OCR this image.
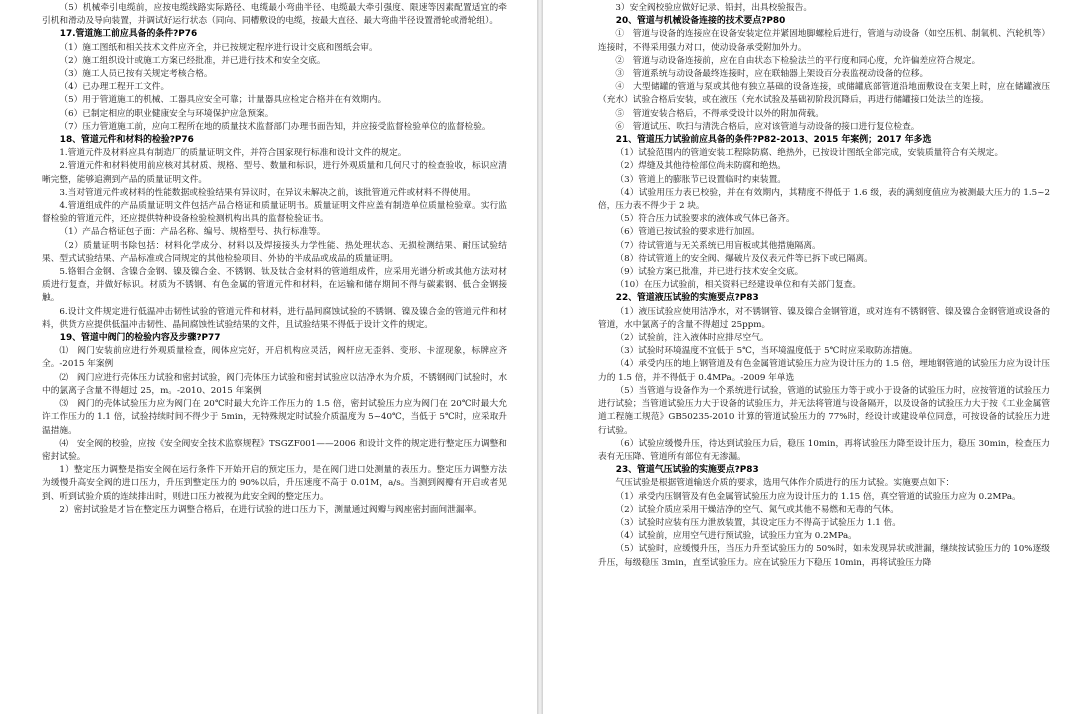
（5）机械牵引电缆前，应按电缆线路实际路径、电缆最小弯曲半径、电缆最大牵引强度、限速等因素配置适宜的牵引机和滑动及导向装置，并调试好运行状态（同向、同槽敷设的电缆，按最大直径、最大弯曲半径设置滑轮或滑轮组）。

17.管道施工前应具备的条件?P76

（1）施工图纸和相关技术文件应齐全，并已按规定程序进行设计交底和图纸会审。

（2）施工组织设计或施工方案已经批准，并已进行技术和安全交底。

（3）施工人员已按有关规定考核合格。

（4）已办理工程开工文件。

（5）用于管道施工的机械、工器具应安全可靠；计量器具应检定合格并在有效期内。

（6）已制定相应的职业健康安全与环境保护应急预案。

（7）压力管道施工前，应向工程所在地的质量技术监督部门办理书面告知，并应接受监督检验单位的监督检验。

18、管道元件和材料的检验?P76

1.管道元件及材料应具有制造厂的质量证明文件，并符合国家现行标准和设计文件的规定。

2.管道元件和材料使用前应核对其材质、规格、型号、数量和标识，进行外观质量和几何尺寸的检查验收，标识应清晰完整，能够追溯到产品的质量证明文件。

3.当对管道元件或材料的性能数据或检验结果有异议时，在异议未解决之前，该批管道元件或材料不得使用。

4.管道组成件的产品质量证明文件包括产品合格证和质量证明书。质量证明文件应盖有制造单位质量检验章。实行监督检验的管道元件，还应提供特种设备检验检测机构出具的监督检验证书。

（1）产品合格证包子面：产品名称、编号、规格型号、执行标准等。

（2）质量证明书除包括：材料化学成分、材料以及焊接接头力学性能、热处理状态、无损检测结果、耐压试验结果、型式试验结果、产品标准或合同规定的其他检验项目、外协的半成品或成品的质量证明。

5.铬钼合金钢、含镍合金钢、镍及镍合金、不锈钢、钛及钛合金材料的管道组成件，应采用光谱分析或其他方法对材质进行复查，并做好标识。材质为不锈钢、有色金属的管道元件和材料，在运输和储存期间不得与碳素钢、低合金钢接触。

6.设计文件规定进行低温冲击韧性试验的管道元件和材料，进行晶间腐蚀试验的不锈钢、镍及镍合金的管道元件和材料，供货方应提供低温冲击韧性、晶间腐蚀性试验结果的文件，且试验结果不得低于设计文件的规定。

19、管道中阀门的检验内容及步骤?P77

⑴　阀门安装前应进行外观质量检查，阀体应完好，开启机构应灵活，阀杆应无歪斜、变形、卡涩现象，标牌应齐全。-2015 年案例

⑵　阀门应进行壳体压力试验和密封试验，阀门壳体压力试验和密封试验应以洁净水为介质，不锈钢阀门试验时，水中的氯离子含量不得超过 25，m。-2010、2015 年案例

⑶　阀门的壳体试验压力应为阀门在 20℃时最大允许工作压力的 1.5 倍，密封试验压力应为阀门在 20℃时最大允许工作压力的 1.1 倍，试验持续时间不得少于 5min，无特殊规定时试验介质温度为 5~40℃，当低于 5℃时，应采取升温措施。

⑷　安全阀的校验，应按《安全阀安全技术监察规程》TSGZF001——2006 和设计文件的规定进行整定压力调整和密封试验。

1）整定压力调整是指安全阀在运行条件下开始开启的预定压力，是在阀门进口处测量的表压力。整定压力调整方法为缓慢升高安全阀的进口压力，升压到整定压力的 90%以后，升压速度不高于 0.01M，a/s。当测到阀瓣有开启或者见到、听到试验介质的连续排出时，则进口压力被视为此安全阀的整定压力。

2）密封试验是才旨在整定压力调整合格后，在进行试验的进口压力下，测量通过阀瓣与阀座密封面间泄漏率。

3）安全阀校验应做好记录、铅封，出具校验报告。

20、管道与机械设备连接的技术要点?P80

①　管道与设备的连接应在设备安装定位并紧固地脚螺栓后进行，管道与动设备（如空压机、制氧机、汽轮机等）连接时，不得采用强力对口，使动设备承受附加外力。

②　管道与动设备连接前，应在自由状态下检验法兰的平行度和同心度，允许偏差应符合规定。

③　管道系统与动设备最终连接时，应在联轴器上架设百分表监视动设备的位移。

④　大型储罐的管道与泵或其他有独立基础的设备连接，或储罐底部管道沿地面敷设在支架上时，应在储罐液压（充水）试验合格后安装，或在液压（充水试验及基础初阶段沉降后，再进行储罐接口处法兰的连接。

⑤　管道安装合格后，不得承受设计以外的附加荷载。

⑥　管道试压、吹扫与清洗合格后，应对该管道与动设备的接口进行复位检查。

21、管道压力试验前应具备的条件?P82-2013、2015 年案例；2017 年多选

（1）试验范围内的管道安装工程除防腐、绝热外，已按设计图纸全部完成，安装质量符合有关规定。

（2）焊缝及其他待检部位尚未防腐和绝热。

（3）管道上的膨胀节已设置临时约束装置。

（4）试验用压力表已校验，并在有效期内，其精度不得低于 1.6 级，表的满刻度值应为被测最大压力的 1.5~2 倍，压力表不得少于 2 块。

（5）符合压力试验要求的液体或气体已备齐。

（6）管道已按试验的要求进行加固。

（7）待试管道与无关系统已用盲板或其他措施隔离。

（8）待试管道上的安全阀、爆破片及仪表元件等已拆下或已隔离。

（9）试验方案已批准，并已进行技术安全交底。

（10）在压力试验前，相关资料已经建设单位和有关部门复查。

22、管道液压试验的实施要点?P83

（1）液压试验应使用洁净水，对不锈钢管、镍及镍合金钢管道，或对连有不锈钢管、镍及镍合金钢管道或设备的管道，水中氯离子的含量不得超过 25ppm。

（2）试验前，注入液体时应排尽空气。

（3）试验时环境温度不宜低于 5℃，当环境温度低于 5℃时应采取防冻措施。

（4）承受内压的地上钢管道及有色金属管道试验压力应为设计压力的 1.5 倍，埋地钢管道的试验压力应为设计压力的 1.5 倍，并不得低于 0.4MPa。-2009 年单选

（5）当管道与设备作为一个系统进行试验，管道的试验压力等于或小于设备的试验压力时，应按管道的试验压力进行试验；当管道试验压力大于设备的试验压力，并无法将管道与设备隔开，以及设备的试验压力大于按《工业金属管道工程施工规范》GB50235-2010 计算的管道试验压力的 77%时，经设计或建设单位同意，可按设备的试验压力进行试验。

（6）试验应缓慢升压，待达到试验压力后，稳压 10min，再将试验压力降至设计压力，稳压 30min，检查压力表有无压降、管道所有部位有无渗漏。

23、管道气压试验的实施要点?P83

气压试验是根据管道输送介质的要求，选用气体作介质进行的压力试验。实施要点如下：

（1）承受内压钢管及有色金属管试验压力应为设计压力的 1.15 倍，真空管道的试验压力应为 0.2MPa。

（2）试验介质应采用干燥洁净的空气、氮气或其他不易燃和无毒的气体。

（3）试验时应装有压力泄放装置，其设定压力不得高于试验压力 1.1 倍。

（4）试验前，应用空气进行预试验，试验压力宜为 0.2MPa。

（5）试验时，应缓慢升压，当压力升至试验压力的 50%时，如未发现异状或泄漏，继续按试验压力的 10%逐级升压，每级稳压 3min，直至试验压力。应在试验压力下稳压 10min，再将试验压力降
